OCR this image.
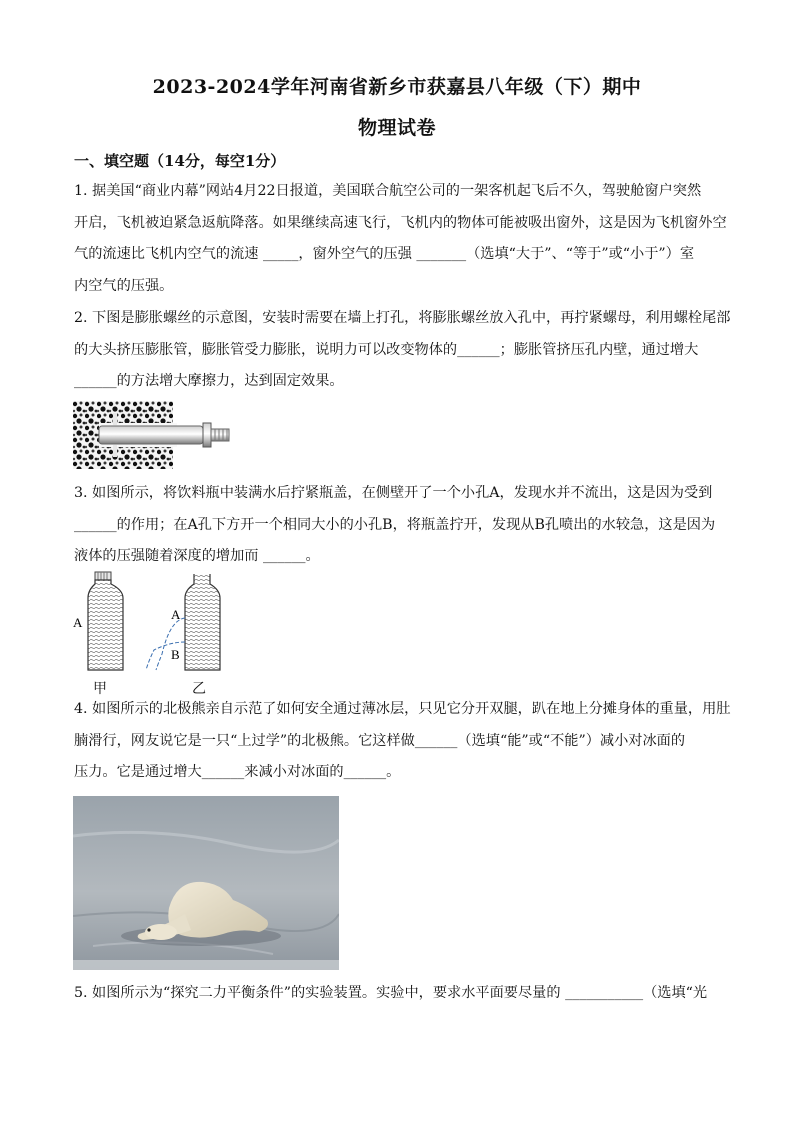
2023-2024学年河南省新乡市获嘉县八年级（下）期中
物理试卷
一、填空题（14分，每空1分）
1. 据美国“商业内幕”网站4月22日报道，美国联合航空公司的一架客机起飞后不久，驾驶舱窗户突然
开启，飞机被迫紧急返航降落。如果继续高速飞行，飞机内的物体可能被吸出窗外，这是因为飞机窗外空
气的流速比飞机内空气的流速 _____，窗外空气的压强 _______（选填“大于”、“等于”或“小于”）室
内空气的压强。
2. 下图是膨胀螺丝的示意图，安装时需要在墙上打孔，将膨胀螺丝放入孔中，再拧紧螺母，利用螺栓尾部
的大头挤压膨胀管，膨胀管受力膨胀，说明力可以改变物体的______；膨胀管挤压孔内壁，通过增大
______的方法增大摩擦力，达到固定效果。
3. 如图所示，将饮料瓶中装满水后拧紧瓶盖，在侧壁开了一个小孔A，发现水并不流出，这是因为受到
______的作用；在A孔下方开一个相同大小的小孔B，将瓶盖拧开，发现从B孔喷出的水较急，这是因为
液体的压强随着深度的增加而 ______。
A
A
B
甲	乙
4. 如图所示的北极熊亲自示范了如何安全通过薄冰层，只见它分开双腿，趴在地上分摊身体的重量，用肚
腩滑行，网友说它是一只“上过学”的北极熊。它这样做______（选填“能”或“不能”）减小对冰面的
压力。它是通过增大______来减小对冰面的______。
5. 如图所示为“探究二力平衡条件”的实验装置。实验中，要求水平面要尽量的 ___________（选填“光
